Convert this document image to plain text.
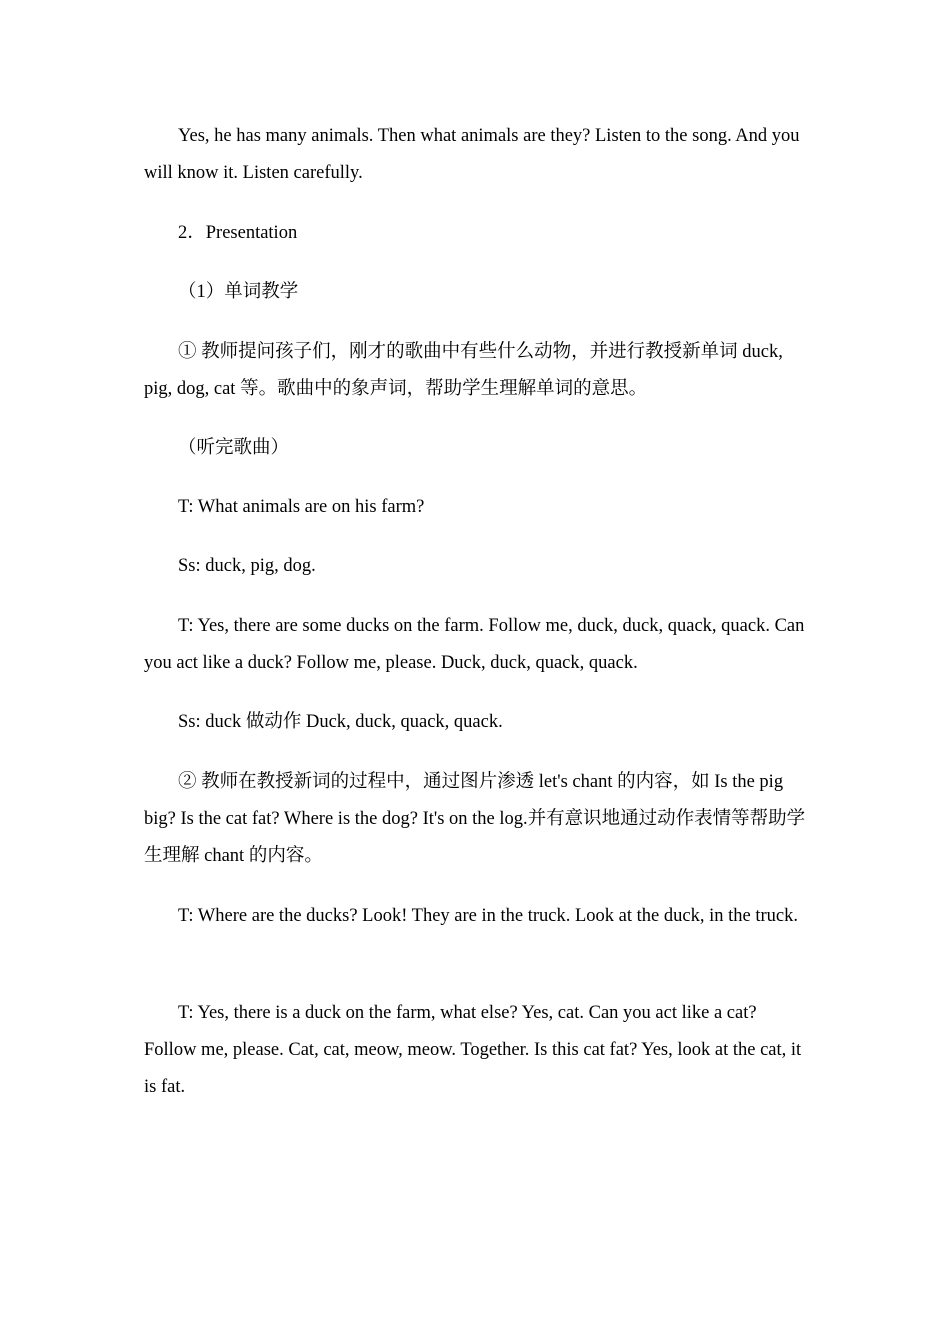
Yes, he has many animals. Then what animals are they? Listen to the song. And you will know it. Listen carefully.

2．Presentation

（1）单词教学

① 教师提问孩子们，刚才的歌曲中有些什么动物，并进行教授新单词 duck, pig, dog, cat 等。歌曲中的象声词，帮助学生理解单词的意思。

（听完歌曲）

T: What animals are on his farm?

Ss: duck, pig, dog.

T: Yes, there are some ducks on the farm. Follow me, duck, duck, quack, quack. Can you act like a duck? Follow me, please. Duck, duck, quack, quack.

Ss: duck 做动作 Duck, duck, quack, quack.

② 教师在教授新词的过程中，通过图片渗透 let's chant 的内容，如 Is the pig big? Is the cat fat? Where is the dog? It's on the log.并有意识地通过动作表情等帮助学生理解 chant 的内容。

T: Where are the ducks? Look! They are in the truck. Look at the duck, in the truck.

T: Yes, there is a duck on the farm, what else? Yes, cat. Can you act like a cat? Follow me, please. Cat, cat, meow, meow. Together. Is this cat fat? Yes, look at the cat, it is fat.
